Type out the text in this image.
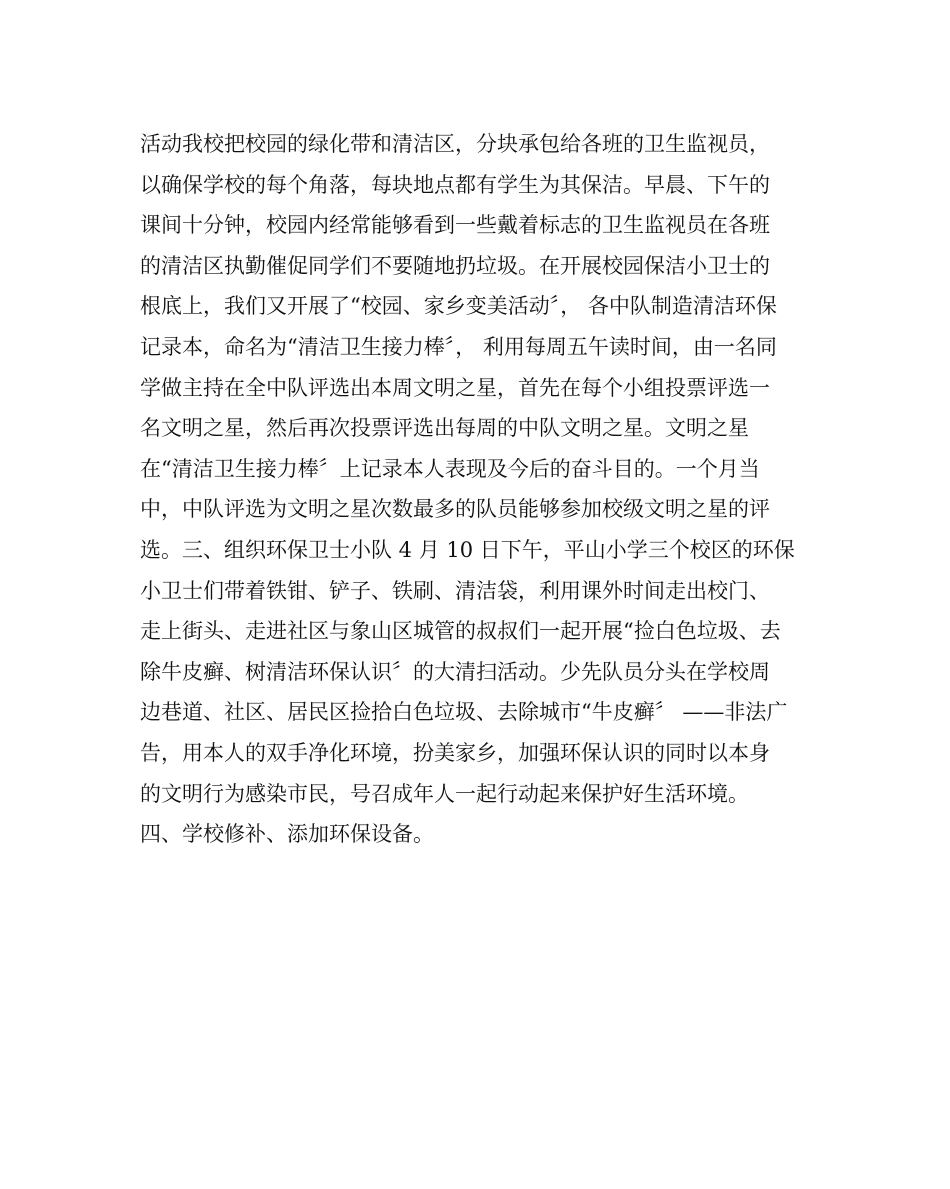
活动我校把校园的绿化带和清洁区，分块承包给各班的卫生监视员，
以确保学校的每个角落，每块地点都有学生为其保洁。早晨、下午的
课间十分钟，校园内经常能够看到一些戴着标志的卫生监视员在各班
的清洁区执勤催促同学们不要随地扔垃圾。在开展校园保洁小卫士的
根底上，我们又开展了“校园、家乡变美活动〞， 各中队制造清洁环保
记录本，命名为“清洁卫生接力棒〞， 利用每周五午读时间，由一名同
学做主持在全中队评选出本周文明之星，首先在每个小组投票评选一
名文明之星，然后再次投票评选出每周的中队文明之星。文明之星
在“清洁卫生接力棒〞上记录本人表现及今后的奋斗目的。一个月当
中，中队评选为文明之星次数最多的队员能够参加校级文明之星的评
选。三、组织环保卫士小队 4 月 10 日下午，平山小学三个校区的环保
小卫士们带着铁钳、铲子、铁刷、清洁袋，利用课外时间走出校门、
走上街头、走进社区与象山区城管的叔叔们一起开展“捡白色垃圾、去
除牛皮癣、树清洁环保认识〞的大清扫活动。少先队员分头在学校周
边巷道、社区、居民区捡拾白色垃圾、去除城市“牛皮癣〞 ——非法广
告，用本人的双手净化环境，扮美家乡，加强环保认识的同时以本身
的文明行为感染市民，号召成年人一起行动起来保护好生活环境。
四、学校修补、添加环保设备。
